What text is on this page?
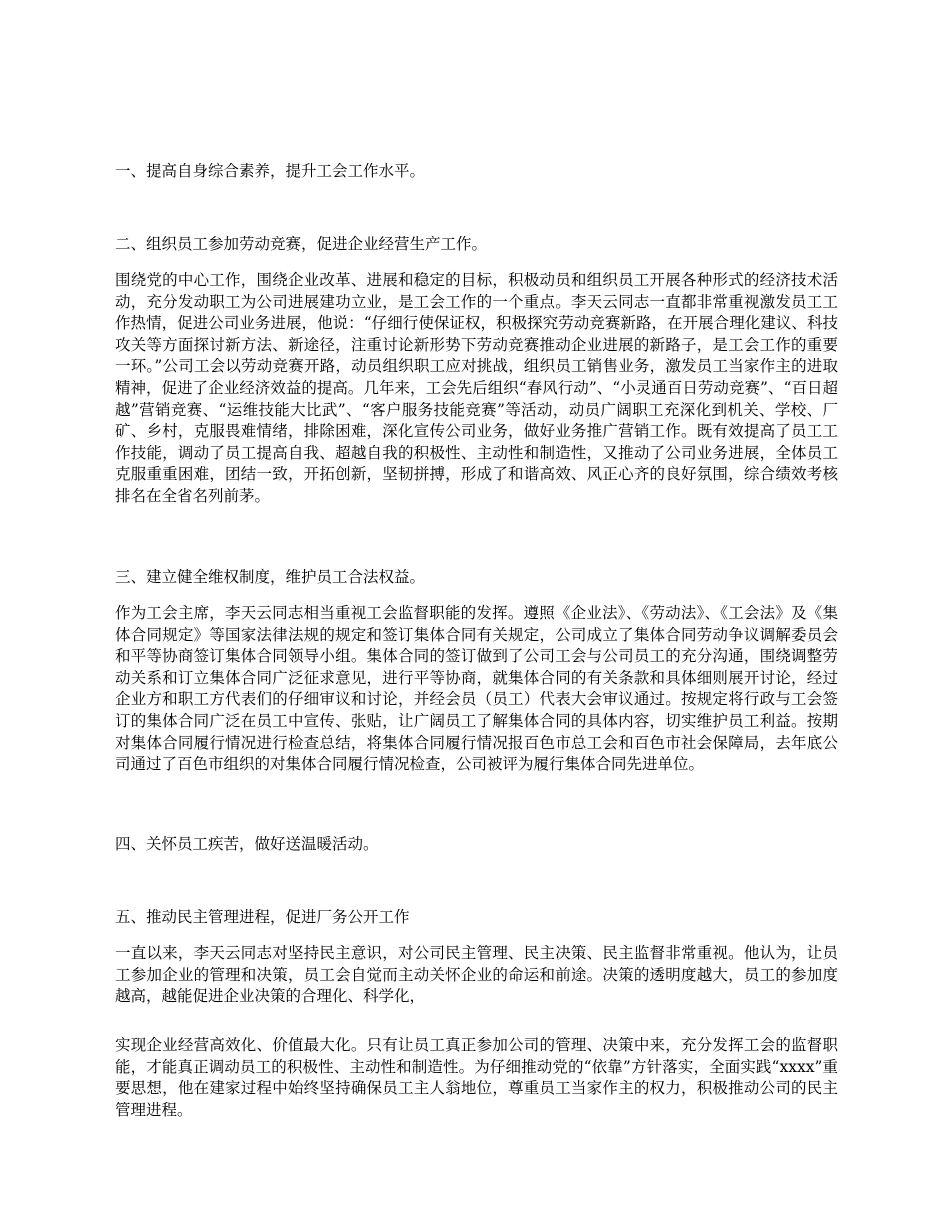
一、提高自身综合素养，提升工会工作水平。

二、组织员工参加劳动竞赛，促进企业经营生产工作。

围绕党的中心工作，围绕企业改革、进展和稳定的目标，积极动员和组织员工开展各种形式的经济技术活动，充分发动职工为公司进展建功立业，是工会工作的一个重点。李天云同志一直都非常重视激发员工工作热情，促进公司业务进展，他说：“仔细行使保证权，积极探究劳动竞赛新路，在开展合理化建议、科技攻关等方面探讨新方法、新途径，注重讨论新形势下劳动竞赛推动企业进展的新路子，是工会工作的重要一环。”公司工会以劳动竞赛开路，动员组织职工应对挑战，组织员工销售业务，激发员工当家作主的进取精神，促进了企业经济效益的提高。几年来，工会先后组织“春风行动”、“小灵通百日劳动竞赛”、“百日超越”营销竞赛、“运维技能大比武”、“客户服务技能竞赛”等活动，动员广阔职工充深化到机关、学校、厂矿、乡村，克服畏难情绪，排除困难，深化宣传公司业务，做好业务推广营销工作。既有效提高了员工工作技能，调动了员工提高自我、超越自我的积极性、主动性和制造性，又推动了公司业务进展，全体员工克服重重困难，团结一致，开拓创新，坚韧拼搏，形成了和谐高效、风正心齐的良好氛围，综合绩效考核排名在全省名列前茅。

三、建立健全维权制度，维护员工合法权益。

作为工会主席，李天云同志相当重视工会监督职能的发挥。遵照《企业法》、《劳动法》、《工会法》及《集体合同规定》等国家法律法规的规定和签订集体合同有关规定，公司成立了集体合同劳动争议调解委员会和平等协商签订集体合同领导小组。集体合同的签订做到了公司工会与公司员工的充分沟通，围绕调整劳动关系和订立集体合同广泛征求意见，进行平等协商，就集体合同的有关条款和具体细则展开讨论，经过企业方和职工方代表们的仔细审议和讨论，并经会员（员工）代表大会审议通过。按规定将行政与工会签订的集体合同广泛在员工中宣传、张贴，让广阔员工了解集体合同的具体内容，切实维护员工利益。按期对集体合同履行情况进行检查总结，将集体合同履行情况报百色市总工会和百色市社会保障局，去年底公司通过了百色市组织的对集体合同履行情况检查，公司被评为履行集体合同先进单位。

四、关怀员工疾苦，做好送温暖活动。

五、推动民主管理进程，促进厂务公开工作

一直以来，李天云同志对坚持民主意识，对公司民主管理、民主决策、民主监督非常重视。他认为，让员工参加企业的管理和决策，员工会自觉而主动关怀企业的命运和前途。决策的透明度越大，员工的参加度越高，越能促进企业决策的合理化、科学化，

实现企业经营高效化、价值最大化。只有让员工真正参加公司的管理、决策中来，充分发挥工会的监督职能，才能真正调动员工的积极性、主动性和制造性。为仔细推动党的“依靠”方针落实，全面实践“xxxx”重要思想，他在建家过程中始终坚持确保员工主人翁地位，尊重员工当家作主的权力，积极推动公司的民主管理进程。
